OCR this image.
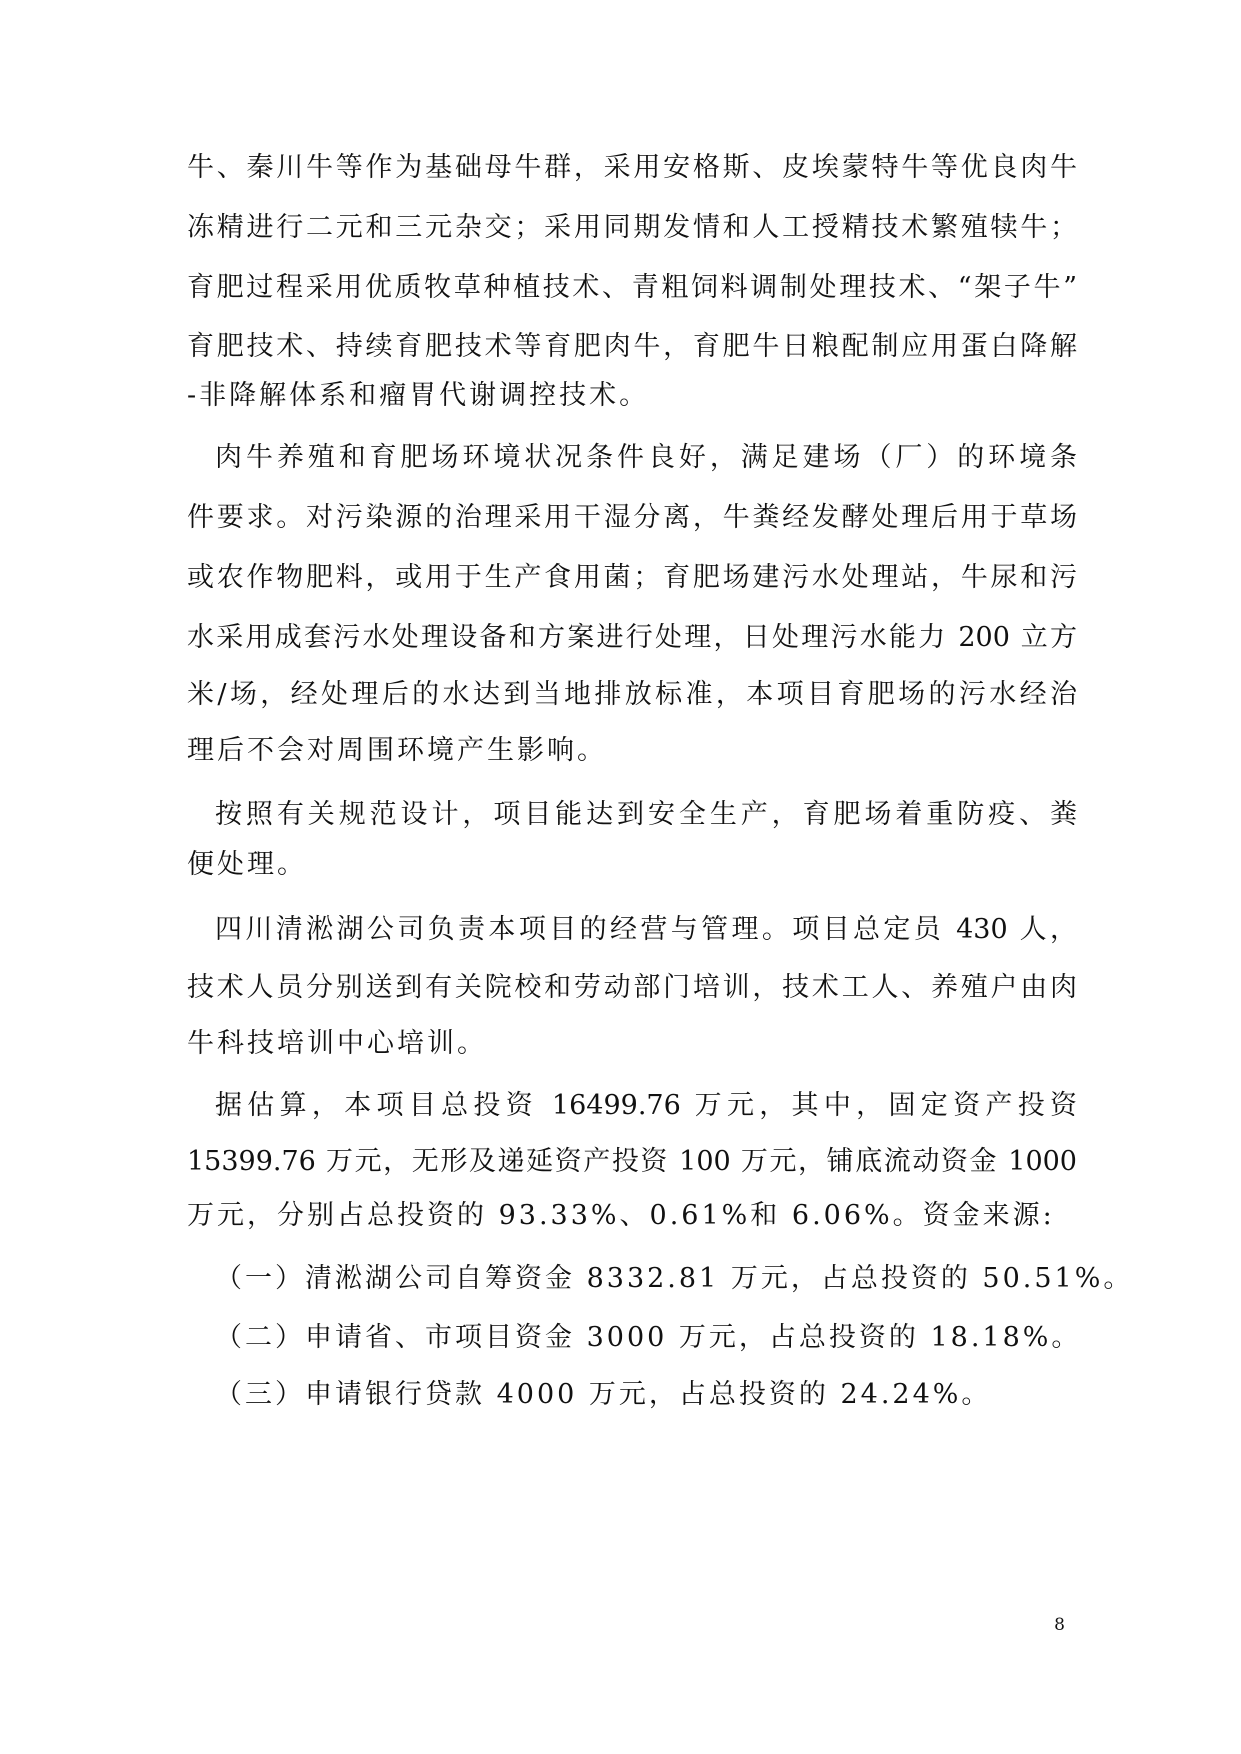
牛、秦川牛等作为基础母牛群，采用安格斯、皮埃蒙特牛等优良肉牛
冻精进行二元和三元杂交；采用同期发情和人工授精技术繁殖犊牛；
育肥过程采用优质牧草种植技术、青粗饲料调制处理技术、“架子牛”
育肥技术、持续育肥技术等育肥肉牛，育肥牛日粮配制应用蛋白降解
-非降解体系和瘤胃代谢调控技术。
肉牛养殖和育肥场环境状况条件良好，满足建场（厂）的环境条
件要求。对污染源的治理采用干湿分离，牛粪经发酵处理后用于草场
或农作物肥料，或用于生产食用菌；育肥场建污水处理站，牛尿和污
水采用成套污水处理设备和方案进行处理，日处理污水能力 200 立方
米/场，经处理后的水达到当地排放标准，本项目育肥场的污水经治
理后不会对周围环境产生影响。
按照有关规范设计，项目能达到安全生产，育肥场着重防疫、粪
便处理。
四川清淞湖公司负责本项目的经营与管理。项目总定员 430 人，
技术人员分别送到有关院校和劳动部门培训，技术工人、养殖户由肉
牛科技培训中心培训。
据估算，本项目总投资 16499.76 万元，其中，固定资产投资
15399.76 万元，无形及递延资产投资 100 万元，铺底流动资金 1000
万元，分别占总投资的 93.33%、0.61%和 6.06%。资金来源:
（一）清淞湖公司自筹资金 8332.81 万元，占总投资的 50.51%。
（二）申请省、市项目资金 3000 万元，占总投资的 18.18%。
（三）申请银行贷款 4000 万元，占总投资的 24.24%。
8
